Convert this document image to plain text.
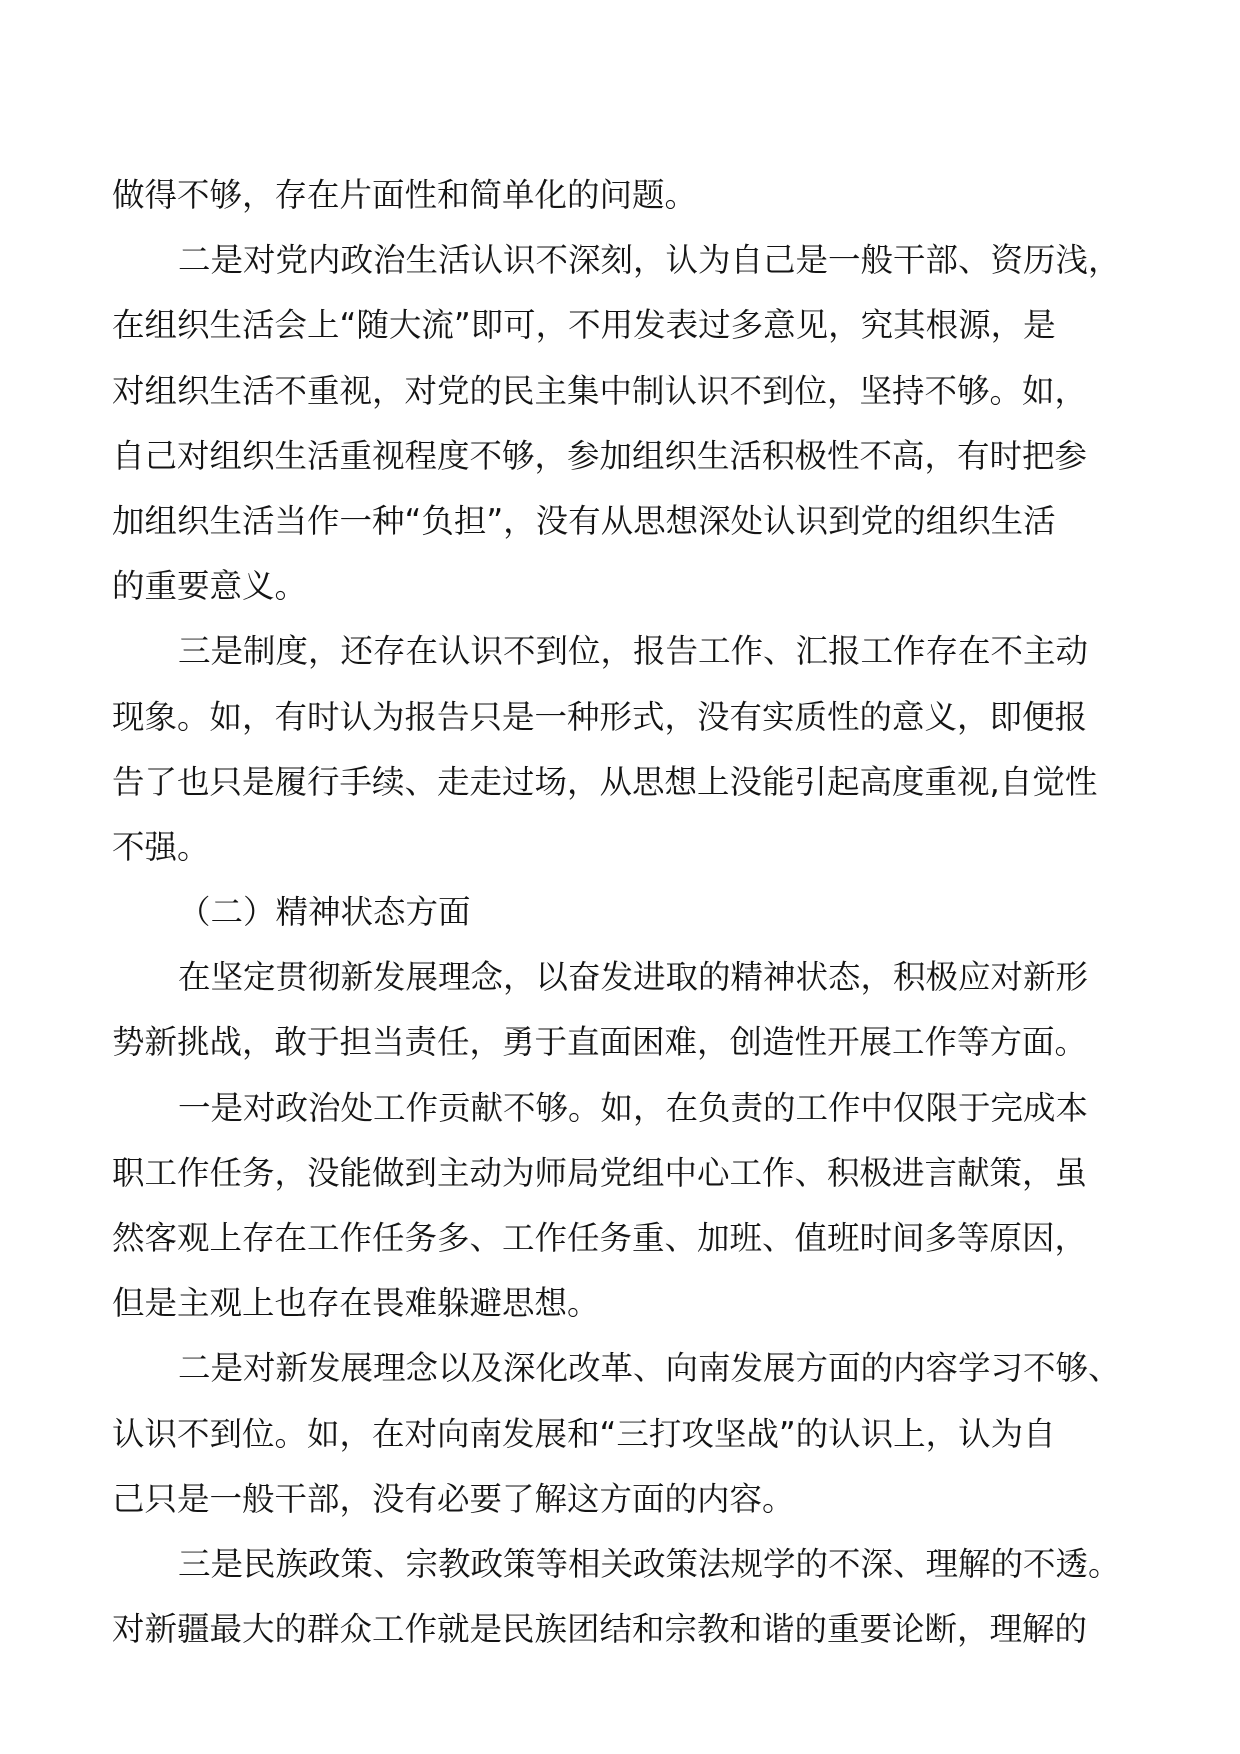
做得不够，存在片面性和简单化的问题。
二是对党内政治生活认识不深刻，认为自己是一般干部、资历浅，
在组织生活会上“随大流”即可，不用发表过多意见，究其根源，是
对组织生活不重视，对党的民主集中制认识不到位，坚持不够。如，
自己对组织生活重视程度不够，参加组织生活积极性不高，有时把参
加组织生活当作一种“负担”，没有从思想深处认识到党的组织生活
的重要意义。
三是制度，还存在认识不到位，报告工作、汇报工作存在不主动
现象。如，有时认为报告只是一种形式，没有实质性的意义，即便报
告了也只是履行手续、走走过场，从思想上没能引起高度重视,自觉性
不强。
（二）精神状态方面
在坚定贯彻新发展理念，以奋发进取的精神状态，积极应对新形
势新挑战，敢于担当责任，勇于直面困难，创造性开展工作等方面。
一是对政治处工作贡献不够。如，在负责的工作中仅限于完成本
职工作任务，没能做到主动为师局党组中心工作、积极进言献策，虽
然客观上存在工作任务多、工作任务重、加班、值班时间多等原因，
但是主观上也存在畏难躲避思想。
二是对新发展理念以及深化改革、向南发展方面的内容学习不够、
认识不到位。如，在对向南发展和“三打攻坚战”的认识上，认为自
己只是一般干部，没有必要了解这方面的内容。
三是民族政策、宗教政策等相关政策法规学的不深、理解的不透。
对新疆最大的群众工作就是民族团结和宗教和谐的重要论断，理解的
